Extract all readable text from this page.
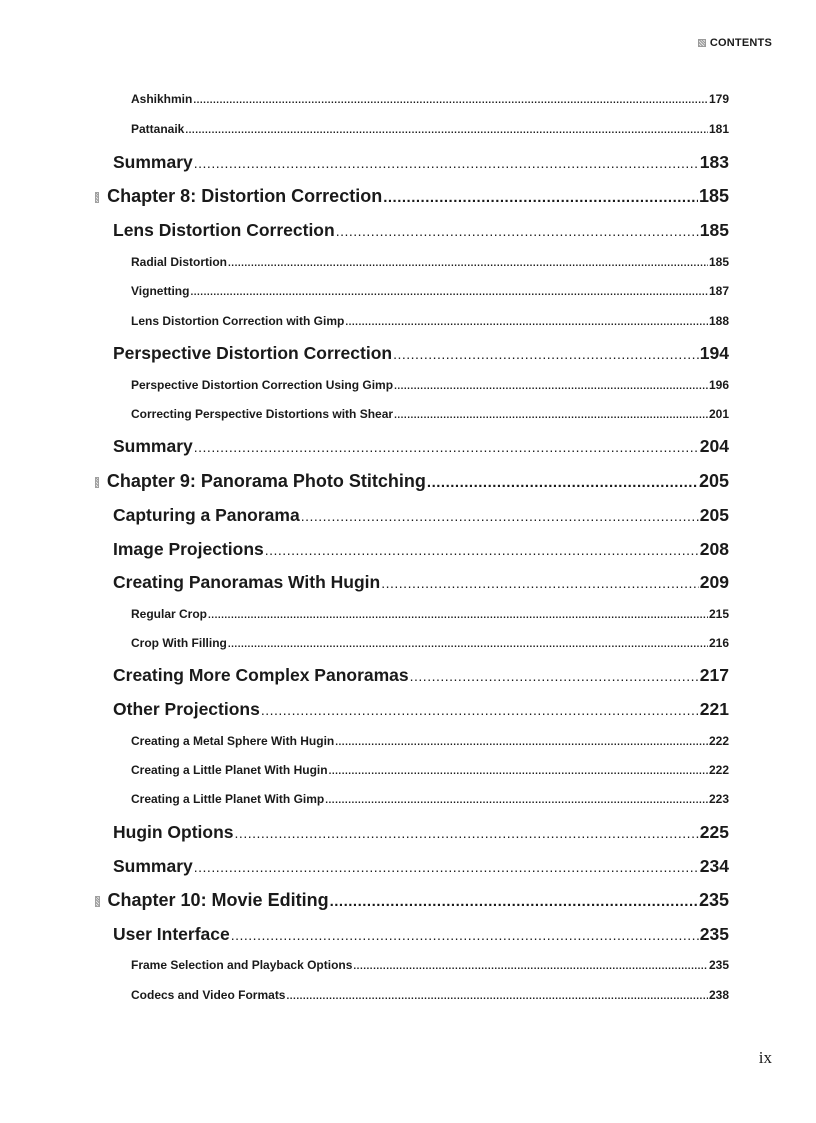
CONTENTS
Ashikhmin .....	179
Pattanaik .....	181
Summary .....	183
Chapter 8: Distortion Correction .....	185
Lens Distortion Correction .....	185
Radial Distortion .....	185
Vignetting .....	187
Lens Distortion Correction with Gimp .....	188
Perspective Distortion Correction .....	194
Perspective Distortion Correction Using Gimp .....	196
Correcting Perspective Distortions with Shear .....	201
Summary .....	204
Chapter 9: Panorama Photo Stitching .....	205
Capturing a Panorama .....	205
Image Projections .....	208
Creating Panoramas With Hugin .....	209
Regular Crop .....	215
Crop With Filling .....	216
Creating More Complex Panoramas .....	217
Other Projections .....	221
Creating a Metal Sphere With Hugin .....	222
Creating a Little Planet With Hugin .....	222
Creating a Little Planet With Gimp .....	223
Hugin Options .....	225
Summary .....	234
Chapter 10: Movie Editing .....	235
User Interface .....	235
Frame Selection and Playback Options .....	235
Codecs and Video Formats .....	238
ix
